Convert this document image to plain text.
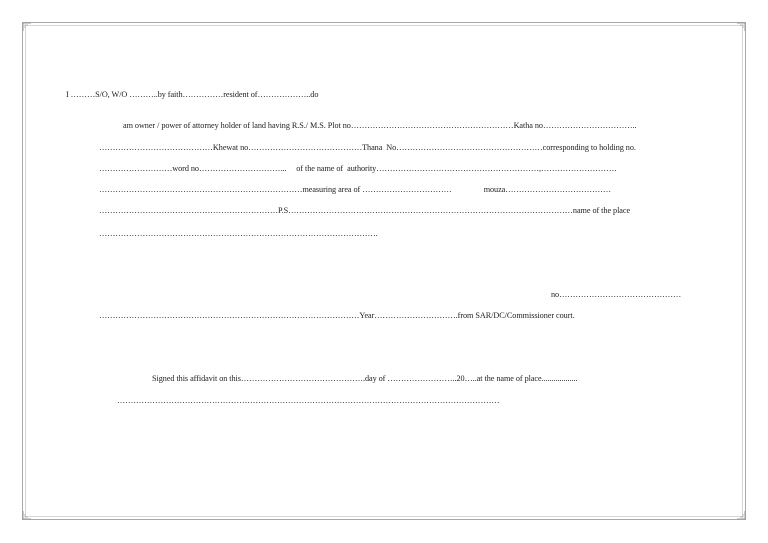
I ………S/O, W/O ………..by faith……………resident of………………..do
am owner / power of attorney holder of land having R.S./ M.S. Plot no……………………………………………………Katha no……………………………..
……………………………………Khewat no……………………………………Thana  No………………………………………………corresponding to holding no.
………………………word no…………………………...     of the name of  authority……………………………………………………,……………………….
…………………………………………………………………measuring area of ……………………………                mouza…………………………………
…………………………………………………………P.S……………………………………………………………………………………………name of the place
………………………………………………………………………………………….
no………………………………………
……………………………………………………………………………………Year………………………….from SAR/DC/Commissioner court.
Signed this affidavit on this……………………………………….day of ……………………..20…..at the name of place..................
……………………………………………………………………………………………………………………………
